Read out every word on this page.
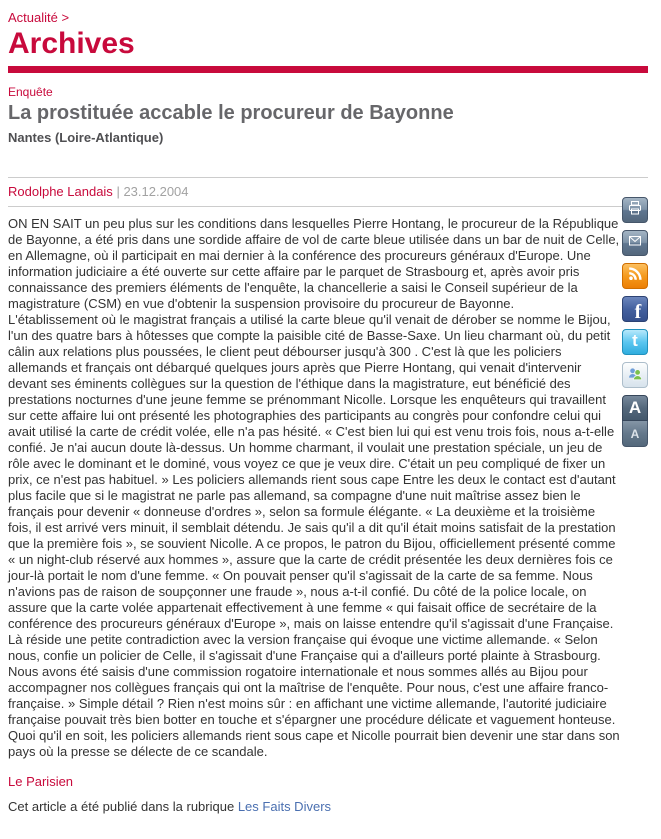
Actualité >
Archives
Enquête
La prostituée accable le procureur de Bayonne
Nantes (Loire-Atlantique)
Rodolphe Landais | 23.12.2004
ON EN SAIT un peu plus sur les conditions dans lesquelles Pierre Hontang, le procureur de la République de Bayonne, a été pris dans une sordide affaire de vol de carte bleue utilisée dans un bar de nuit de Celle, en Allemagne, où il participait en mai dernier à la conférence des procureurs généraux d'Europe. Une information judiciaire a été ouverte sur cette affaire par le parquet de Strasbourg et, après avoir pris connaissance des premiers éléments de l'enquête, la chancellerie a saisi le Conseil supérieur de la magistrature (CSM) en vue d'obtenir la suspension provisoire du procureur de Bayonne.
L'établissement où le magistrat français a utilisé la carte bleue qu'il venait de dérober se nomme le Bijou, l'un des quatre bars à hôtesses que compte la paisible cité de Basse-Saxe. Un lieu charmant où, du petit câlin aux relations plus poussées, le client peut débourser jusqu'à 300 . C'est là que les policiers allemands et français ont débarqué quelques jours après que Pierre Hontang, qui venait d'intervenir devant ses éminents collègues sur la question de l'éthique dans la magistrature, eut bénéficié des prestations nocturnes d'une jeune femme se prénommant Nicolle. Lorsque les enquêteurs qui travaillent sur cette affaire lui ont présenté les photographies des participants au congrès pour confondre celui qui avait utilisé la carte de crédit volée, elle n'a pas hésité. « C'est bien lui qui est venu trois fois, nous a-t-elle confié. Je n'ai aucun doute là-dessus. Un homme charmant, il voulait une prestation spéciale, un jeu de rôle avec le dominant et le dominé, vous voyez ce que je veux dire. C'était un peu compliqué de fixer un prix, ce n'est pas habituel. » Les policiers allemands rient sous cape Entre les deux le contact est d'autant plus facile que si le magistrat ne parle pas allemand, sa compagne d'une nuit maîtrise assez bien le français pour devenir « donneuse d'ordres », selon sa formule élégante. « La deuxième et la troisième fois, il est arrivé vers minuit, il semblait détendu. Je sais qu'il a dit qu'il était moins satisfait de la prestation que la première fois », se souvient Nicolle. A ce propos, le patron du Bijou, officiellement présenté comme « un night-club réservé aux hommes », assure que la carte de crédit présentée les deux dernières fois ce jour-là portait le nom d'une femme. « On pouvait penser qu'il s'agissait de la carte de sa femme. Nous n'avions pas de raison de soupçonner une fraude », nous a-t-il confié. Du côté de la police locale, on assure que la carte volée appartenait effectivement à une femme « qui faisait office de secrétaire de la conférence des procureurs généraux d'Europe », mais on laisse entendre qu'il s'agissait d'une Française. Là réside une petite contradiction avec la version française qui évoque une victime allemande. « Selon nous, confie un policier de Celle, il s'agissait d'une Française qui a d'ailleurs porté plainte à Strasbourg. Nous avons été saisis d'une commission rogatoire internationale et nous sommes allés au Bijou pour accompagner nos collègues français qui ont la maîtrise de l'enquête. Pour nous, c'est une affaire franco-française. » Simple détail ? Rien n'est moins sûr : en affichant une victime allemande, l'autorité judiciaire française pouvait très bien botter en touche et s'épargner une procédure délicate et vaguement honteuse. Quoi qu'il en soit, les policiers allemands rient sous cape et Nicolle pourrait bien devenir une star dans son pays où la presse se délecte de ce scandale.
Le Parisien
Cet article a été publié dans la rubrique Les Faits Divers
f
t
A
A
